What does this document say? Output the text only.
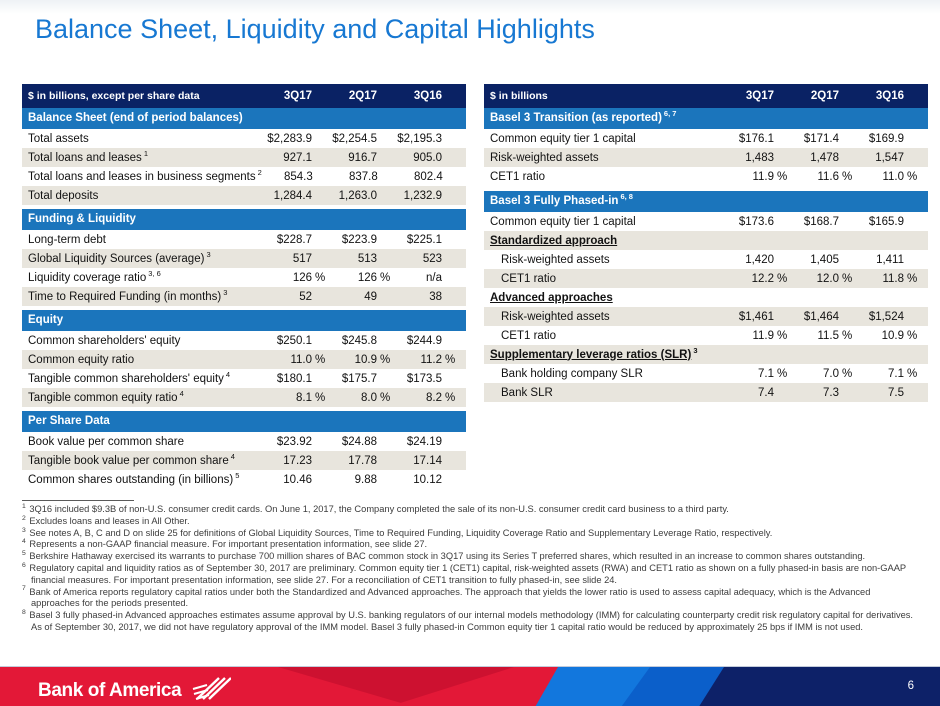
Balance Sheet, Liquidity and Capital Highlights
$ in billions, except per share data	3Q17	2Q17	3Q16
Balance Sheet (end of period balances)
Total assets	$2,283.9	$2,254.5	$2,195.3
Total loans and leases $^1$	927.1	916.7	905.0
Total loans and leases in business segments $^2$	854.3	837.8	802.4
Total deposits	1,284.4	1,263.0	1,232.9
Funding & Liquidity
Long-term debt	$228.7	$223.9	$225.1
Global Liquidity Sources (average) $^3$	517	513	523
Liquidity coverage ratio $^{3, 6}$	126 %	126 %	n/a
Time to Required Funding (in months) $^3$	52	49	38
Equity
Common shareholders' equity	$250.1	$245.8	$244.9
Common equity ratio	11.0 %	10.9 %	11.2 %
Tangible common shareholders' equity $^4$	$180.1	$175.7	$173.5
Tangible common equity ratio $^4$	8.1 %	8.0 %	8.2 %
Per Share Data
Book value per common share	$23.92	$24.88	$24.19
Tangible book value per common share $^4$	17.23	17.78	17.14
Common shares outstanding (in billions) $^5$	10.46	9.88	10.12
$ in billions	3Q17	2Q17	3Q16
Basel 3 Transition (as reported) $^{6, 7}$
Common equity tier 1 capital	$176.1	$171.4	$169.9
Risk-weighted assets	1,483	1,478	1,547
CET1 ratio	11.9 %	11.6 %	11.0 %
Basel 3 Fully Phased-in $^{6, 8}$
Common equity tier 1 capital	$173.6	$168.7	$165.9
Standardized approach
Risk-weighted assets	1,420	1,405	1,411
CET1 ratio	12.2 %	12.0 %	11.8 %
Advanced approaches
Risk-weighted assets	$1,461	$1,464	$1,524
CET1 ratio	11.9 %	11.5 %	10.9 %
Supplementary leverage ratios (SLR) $^3$
Bank holding company SLR	7.1 %	7.0 %	7.1 %
Bank SLR	7.4	7.3	7.5
$^1$ 3Q16 included $9.3B of non-U.S. consumer credit cards. On June 1, 2017, the Company completed the sale of its non-U.S. consumer credit card business to a third party.
$^2$ Excludes loans and leases in All Other.
$^3$ See notes A, B, C and D on slide 25 for definitions of Global Liquidity Sources, Time to Required Funding, Liquidity Coverage Ratio and Supplementary Leverage Ratio, respectively.
$^4$ Represents a non-GAAP financial measure. For important presentation information, see slide 27.
$^5$ Berkshire Hathaway exercised its warrants to purchase 700 million shares of BAC common stock in 3Q17 using its Series T preferred shares, which resulted in an increase to common shares outstanding.
$^6$ Regulatory capital and liquidity ratios as of September 30, 2017 are preliminary. Common equity tier 1 (CET1) capital, risk-weighted assets (RWA) and CET1 ratio as shown on a fully phased-in basis are non-GAAP financial measures. For important presentation information, see slide 27. For a reconciliation of CET1 transition to fully phased-in, see slide 24.
$^7$ Bank of America reports regulatory capital ratios under both the Standardized and Advanced approaches. The approach that yields the lower ratio is used to assess capital adequacy, which is the Advanced approaches for the periods presented.
$^8$ Basel 3 fully phased-in Advanced approaches estimates assume approval by U.S. banking regulators of our internal models methodology (IMM) for calculating counterparty credit risk regulatory capital for derivatives. As of September 30, 2017, we did not have regulatory approval of the IMM model. Basel 3 fully phased-in Common equity tier 1 capital ratio would be reduced by approximately 25 bps if IMM is not used.
Bank of America	6
